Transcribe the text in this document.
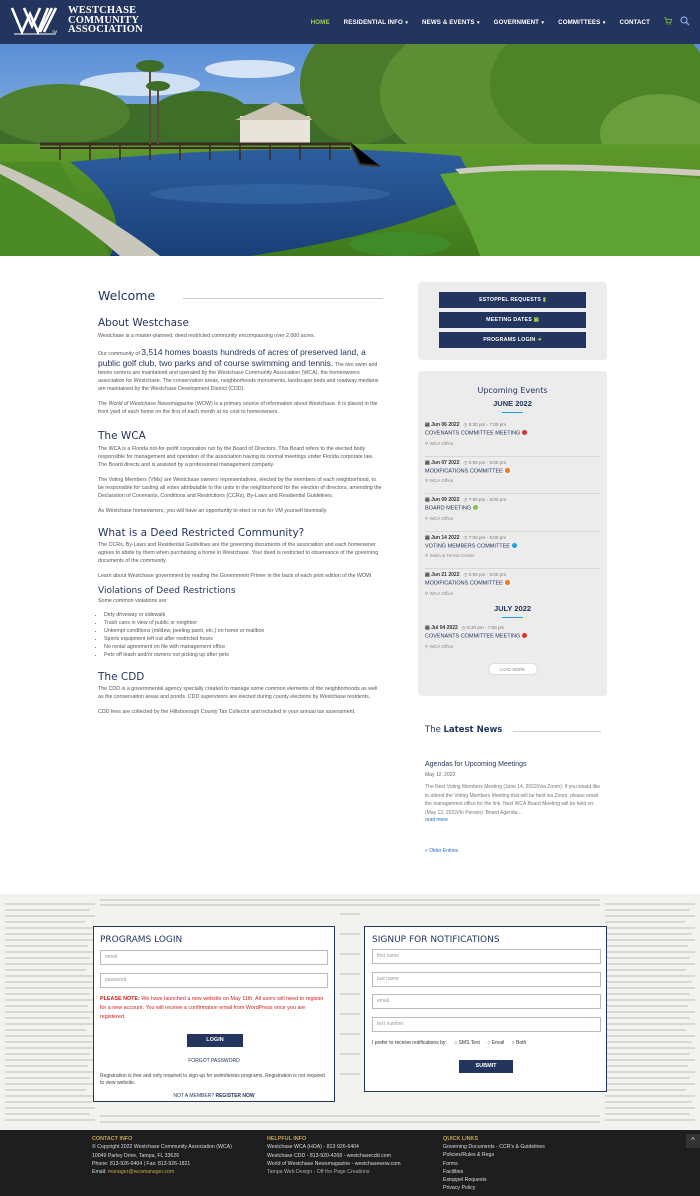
WESTCHASE
COMMUNITY
ASSOCIATION
TM
HOME RESIDENTIAL INFO ▾ NEWS & EVENTS ▾ GOVERNMENT ▾ COMMITTEES ▾ CONTACT
Welcome
About Westchase

Westchase is a master-planned, deed restricted community encompassing over 2,000 acres.

Our community of 3,514 homes boasts hundreds of acres of preserved land, a public golf club, two parks and of course swimming and tennis. The two swim and tennis centers are maintained and operated by the Westchase Community Association (WCA), the homeowners association for Westchase. The conservation areas, neighborhoods monuments, landscape beds and roadway medians are maintained by the Westchase Development District (CDD).

The World of Westchase Newsmagazine (WOW) is a primary source of information about Westchase. It is placed in the front yard of each home on the first of each month at no cost to homeowners.

The WCA

The WCA is a Florida not-for-profit corporation run by the Board of Directors. This Board refers to the elected body responsible for management and operation of the association having its normal meetings under Florida corporate law. The Board directs and is assisted by a professional management company.

The Voting Members (VMs) are Westchase owners' representatives, elected by the members of each neighborhood, to be responsible for casting all votes attributable to the units in the neighborhood for the election of directors, amending the Declaration of Covenants, Conditions and Restrictions (CCRs), By-Laws and Residential Guidelines.

As Westchase homeowners, you will have an opportunity to elect or run for VM yourself biennially.

What is a Deed Restricted Community?

The CCRs, By-Laws and Residential Guidelines are the governing documents of the association and each homeowner agrees to abide by them when purchasing a home in Westchase. Your deed is restricted to observance of the governing documents of the community.

Learn about Westchase government by reading the Government Primer in the back of each print edition of the WOW.

Violations of Deed Restrictions

Some common violations are:

• Dirty driveway or sidewalk
• Trash cans in view of public or neighbor
• Unkempt conditions (mildew, peeling paint, etc.) on home or mailbox
• Sports equipment left out after restricted hours
• No rental agreement on file with management office
• Pets off leash and/or owners not picking up after pets
The CDD

The CDD is a governmental agency specially created to manage some common elements of the neighborhoods as well as the conservation areas and ponds. CDD supervisors are elected during county elections by Westchase residents.

CDD fees are collected by the Hillsborough County Tax Collector and included in your annual tax assessment.

ESTOPPEL REQUESTS ▮
MEETING DATES ▦
PROGRAMS LOGIN ➜
Upcoming Events
JUNE 2022
▤ Jun 06 2022 ◷ 5:30 pm - 7:00 pm
COVENANTS COMMITTEE MEETING
⚲ WCA Office
▤ Jun 07 2022 ◷ 5:00 pm - 6:00 pm
MODIFICATIONS COMMITTEE
⚲ WCA Office
▤ Jun 09 2022 ◷ 7:00 pm - 8:00 pm
BOARD MEETING
⚲ WCA Office
▤ Jun 14 2022 ◷ 7:00 pm - 8:00 pm
VOTING MEMBERS COMMITTEE
⚲ Swim & Tennis Center
▤ Jun 21 2022 ◷ 5:00 pm - 6:00 pm
MODIFICATIONS COMMITTEE
⚲ WCA Office
JULY 2022
▤ Jul 04 2022 ◷ 5:30 pm - 7:00 pm
COVENANTS COMMITTEE MEETING
⚲ WCA Office
LOAD MORE
The Latest News
Agendas for Upcoming Meetings
May 12, 2022
The Next Voting Members Meeting (June 14, 2022//via Zoom): If you would like to attend the Voting Members Meeting that will be held via Zoom, please email the management office for the link. Next WCA Board Meeting will be held on: (May 12, 2022//In Person): Board Agenda...
read more
« Older Entries
PROGRAMS LOGIN
email
password

PLEASE NOTE: We have launched a new website on May 11th. All users will need to register for a new account. You will receive a confirmation email from WordPress once you are registered.

LOGIN
FORGOT PASSWORD

Registration is free and only required to sign-up for swim/tennis programs. Registration is not required to view website.

NOT A MEMBER? REGISTER NOW
SIGNUP FOR NOTIFICATIONS
first name
last name
email
text number
I prefer to receive notifications by: ○ SMS Text ○ Email ○ Both
SUBMIT
CONTACT INFO
© Copyright 2022 Westchase Community Association (WCA)
10049 Parley Drive, Tampa, FL 33626
Phone: 813-926-6404 | Fax: 813-926-1821
Email: manager@wcamanager.com
HELPFUL INFO
Westchase WCA (HOA) - 813-926-6404
Westchase CDD - 813-920-4268 - westchasecdd.com
World of Westchase Newsmagazine - westchasewow.com
Tampa Web Design - Off the Page Creations
QUICK LINKS
Governing Documents - CCR's & Guidelines
Policies/Rules & Regs
Forms
Facilities
Estoppel Requests
Privacy Policy
^
